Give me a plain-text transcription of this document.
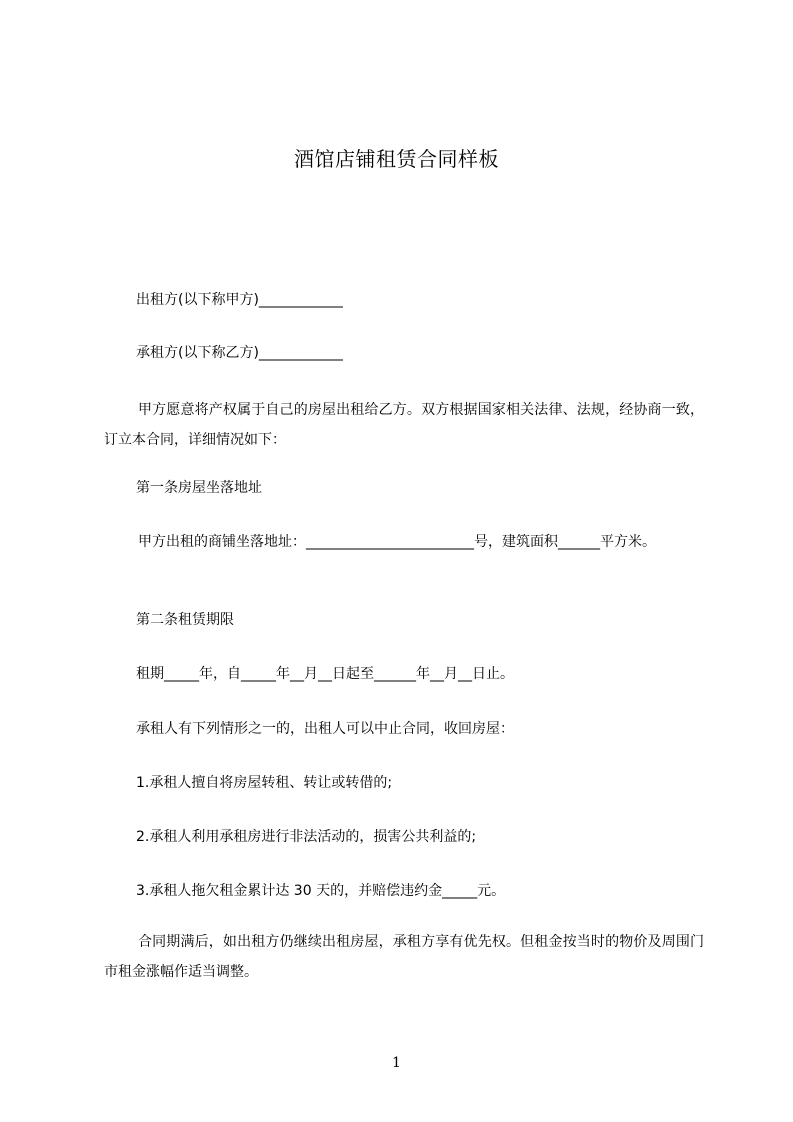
酒馆店铺租赁合同样板
出租方(以下称甲方)____________
承租方(以下称乙方)____________
甲方愿意将产权属于自己的房屋出租给乙方。双方根据国家相关法律、法规，经协商一致，订立本合同，详细情况如下：
第一条房屋坐落地址
甲方出租的商铺坐落地址：________________________号，建筑面积______平方米。
第二条租赁期限
租期_____年，自_____年__月__日起至______年__月__日止。
承租人有下列情形之一的，出租人可以中止合同，收回房屋：
1.承租人擅自将房屋转租、转让或转借的;
2.承租人利用承租房进行非法活动的，损害公共利益的;
3.承租人拖欠租金累计达 30 天的，并赔偿违约金_____元。
合同期满后，如出租方仍继续出租房屋，承租方享有优先权。但租金按当时的物价及周围门市租金涨幅作适当调整。
1
